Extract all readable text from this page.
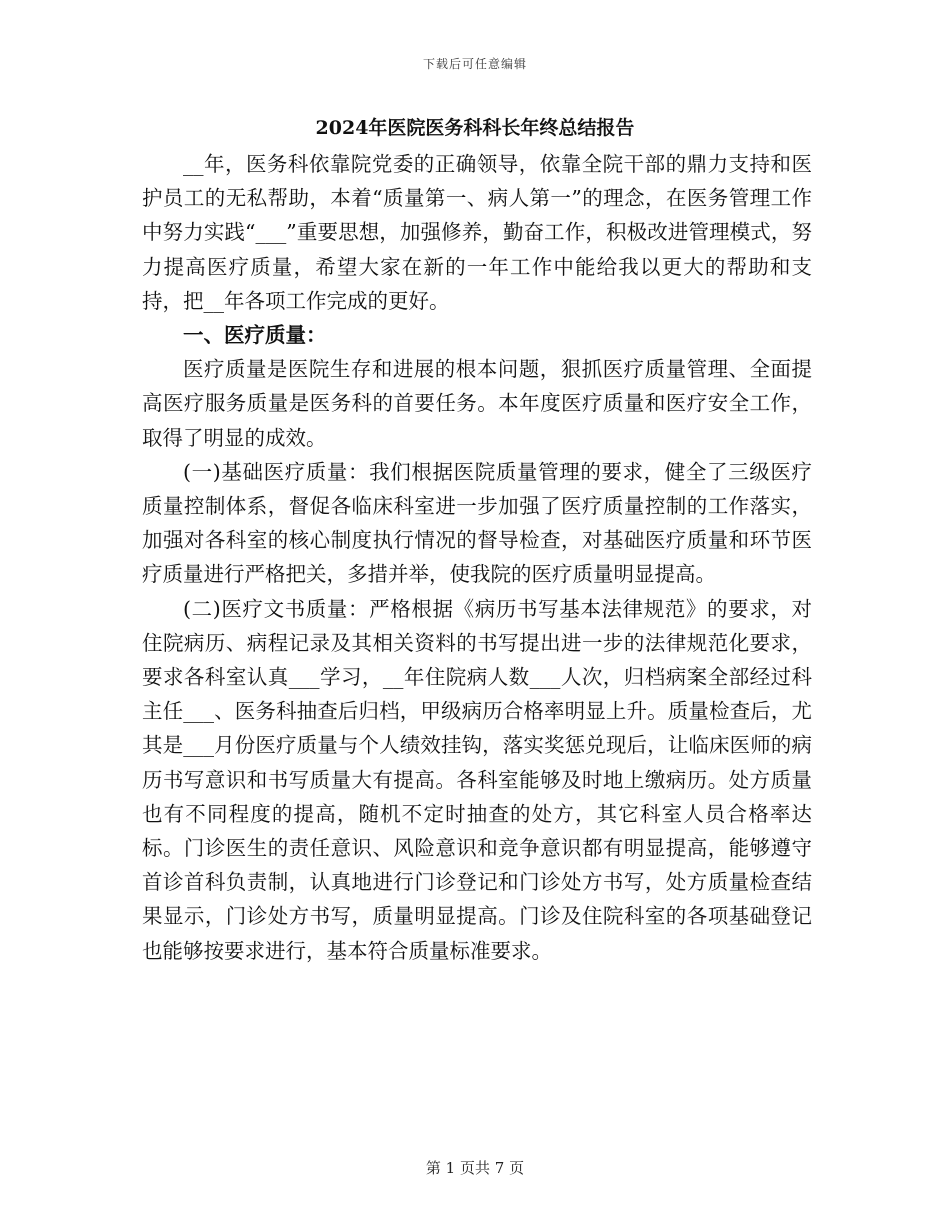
下载后可任意编辑
2024年医院医务科科长年终总结报告

__年，医务科依靠院党委的正确领导，依靠全院干部的鼎力支持和医护员工的无私帮助，本着“质量第一、病人第一”的理念，在医务管理工作中努力实践“___”重要思想，加强修养，勤奋工作，积极改进管理模式，努力提高医疗质量，希望大家在新的一年工作中能给我以更大的帮助和支持，把__年各项工作完成的更好。

一、医疗质量：

医疗质量是医院生存和进展的根本问题，狠抓医疗质量管理、全面提高医疗服务质量是医务科的首要任务。本年度医疗质量和医疗安全工作，取得了明显的成效。

(一)基础医疗质量：我们根据医院质量管理的要求，健全了三级医疗质量控制体系，督促各临床科室进一步加强了医疗质量控制的工作落实，加强对各科室的核心制度执行情况的督导检查，对基础医疗质量和环节医疗质量进行严格把关，多措并举，使我院的医疗质量明显提高。

(二)医疗文书质量：严格根据《病历书写基本法律规范》的要求，对住院病历、病程记录及其相关资料的书写提出进一步的法律规范化要求，要求各科室认真___学习，__年住院病人数___人次，归档病案全部经过科主任___、医务科抽查后归档，甲级病历合格率明显上升。质量检查后，尤其是___月份医疗质量与个人绩效挂钩，落实奖惩兑现后，让临床医师的病历书写意识和书写质量大有提高。各科室能够及时地上缴病历。处方质量也有不同程度的提高，随机不定时抽查的处方，其它科室人员合格率达标。门诊医生的责任意识、风险意识和竞争意识都有明显提高，能够遵守首诊首科负责制，认真地进行门诊登记和门诊处方书写，处方质量检查结果显示，门诊处方书写，质量明显提高。门诊及住院科室的各项基础登记也能够按要求进行，基本符合质量标准要求。

第 1 页共 7 页
